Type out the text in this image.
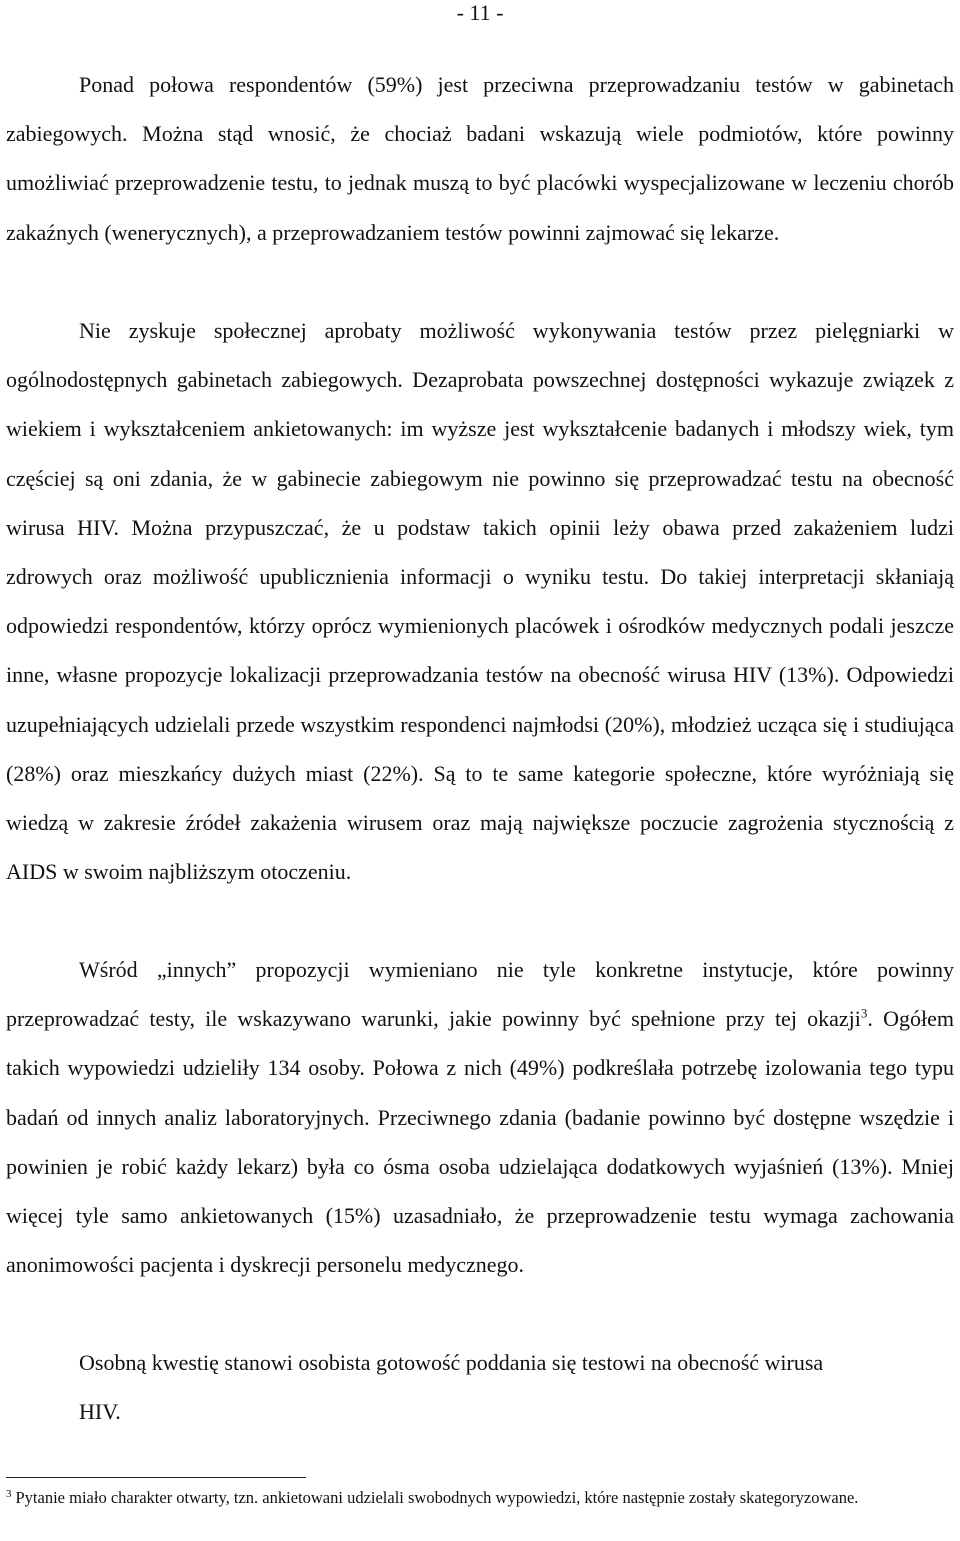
- 11 -

Ponad połowa respondentów (59%) jest przeciwna przeprowadzaniu testów w gabinetach zabiegowych. Można stąd wnosić, że chociaż badani wskazują wiele podmiotów, które powinny umożliwiać przeprowadzenie testu, to jednak muszą to być placówki wyspecjalizowane w leczeniu chorób zakaźnych (wenerycznych), a przeprowadzaniem testów powinni zajmować się lekarze.

Nie zyskuje społecznej aprobaty możliwość wykonywania testów przez pielęgniarki w ogólnodostępnych gabinetach zabiegowych. Dezaprobata powszechnej dostępności wykazuje związek z wiekiem i wykształceniem ankietowanych: im wyższe jest wykształcenie badanych i młodszy wiek, tym częściej są oni zdania, że w gabinecie zabiegowym nie powinno się przeprowadzać testu na obecność wirusa HIV. Można przypuszczać, że u podstaw takich opinii leży obawa przed zakażeniem ludzi zdrowych oraz możliwość upublicznienia informacji o wyniku testu. Do takiej interpretacji skłaniają odpowiedzi respondentów, którzy oprócz wymienionych placówek i ośrodków medycznych podali jeszcze inne, własne propozycje lokalizacji przeprowadzania testów na obecność wirusa HIV (13%). Odpowiedzi uzupełniających udzielali przede wszystkim respondenci najmłodsi (20%), młodzież ucząca się i studiująca (28%) oraz mieszkańcy dużych miast (22%). Są to te same kategorie społeczne, które wyróżniają się wiedzą w zakresie źródeł zakażenia wirusem oraz mają największe poczucie zagrożenia stycznością z AIDS w swoim najbliższym otoczeniu.

Wśród „innych” propozycji wymieniano nie tyle konkretne instytucje, które powinny przeprowadzać testy, ile wskazywano warunki, jakie powinny być spełnione przy tej okazji$^3$. Ogółem takich wypowiedzi udzieliły 134 osoby. Połowa z nich (49%) podkreślała potrzebę izolowania tego typu badań od innych analiz laboratoryjnych. Przeciwnego zdania (badanie powinno być dostępne wszędzie i powinien je robić każdy lekarz) była co ósma osoba udzielająca dodatkowych wyjaśnień (13%). Mniej więcej tyle samo ankietowanych (15%) uzasadniało, że przeprowadzenie testu wymaga zachowania anonimowości pacjenta i dyskrecji personelu medycznego.

Osobną kwestię stanowi osobista gotowość poddania się testowi na obecność wirusa
HIV.

$^3$ Pytanie miało charakter otwarty, tzn. ankietowani udzielali swobodnych wypowiedzi, które następnie zostały skategoryzowane.
